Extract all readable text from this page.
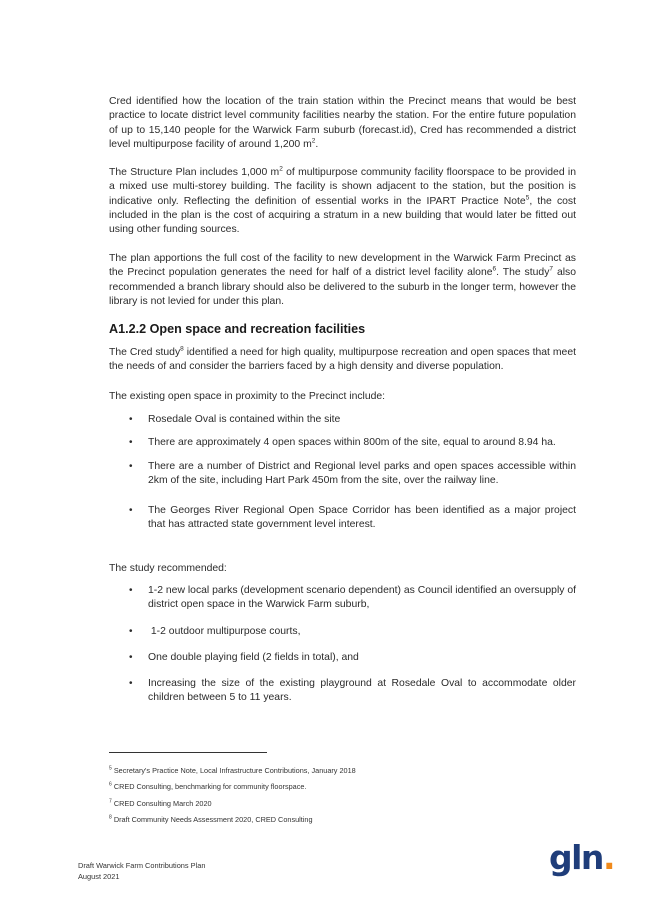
Cred identified how the location of the train station within the Precinct means that would be best practice to locate district level community facilities nearby the station. For the entire future population of up to 15,140 people for the Warwick Farm suburb (forecast.id), Cred has recommended a district level multipurpose facility of around 1,200 $m^2$.

The Structure Plan includes 1,000 $m^2$ of multipurpose community facility floorspace to be provided in a mixed use multi-storey building. The facility is shown adjacent to the station, but the position is indicative only. Reflecting the definition of essential works in the IPART Practice Note$^5$, the cost included in the plan is the cost of acquiring a stratum in a new building that would later be fitted out using other funding sources.

The plan apportions the full cost of the facility to new development in the Warwick Farm Precinct as the Precinct population generates the need for half of a district level facility alone$^6$. The study$^7$ also recommended a branch library should also be delivered to the suburb in the longer term, however the library is not levied for under this plan.

A1.2.2 Open space and recreation facilities

The Cred study$^8$ identified a need for high quality, multipurpose recreation and open spaces that meet the needs of and consider the barriers faced by a high density and diverse population.

The existing open space in proximity to the Precinct include:

• Rosedale Oval is contained within the site
• There are approximately 4 open spaces within 800m of the site, equal to around 8.94 ha.
• There are a number of District and Regional level parks and open spaces accessible within 2km of the site, including Hart Park 450m from the site, over the railway line.
• The Georges River Regional Open Space Corridor has been identified as a major project that has attracted state government level interest.

The study recommended:

• 1-2 new local parks (development scenario dependent) as Council identified an oversupply of district open space in the Warwick Farm suburb,
• 1-2 outdoor multipurpose courts,
• One double playing field (2 fields in total), and
• Increasing the size of the existing playground at Rosedale Oval to accommodate older children between 5 to 11 years.

$^5$ Secretary's Practice Note, Local Infrastructure Contributions, January 2018

$^6$ CRED Consulting, benchmarking for community floorspace.

$^7$ CRED Consulting March 2020

$^8$ Draft Community Needs Assessment 2020, CRED Consulting

Draft Warwick Farm Contributions Plan

August 2021	gln.
